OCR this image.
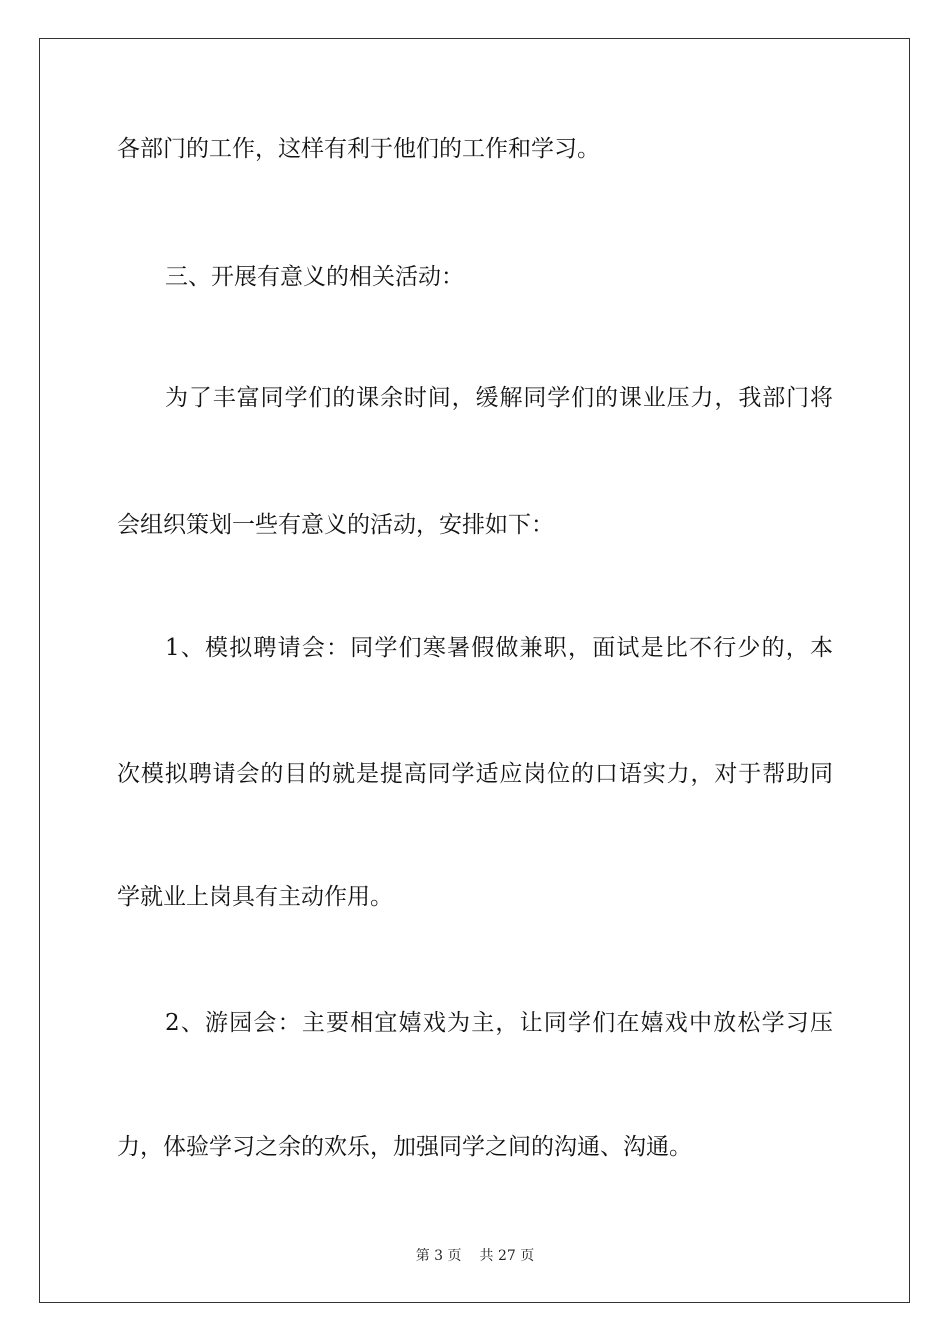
各部门的工作，这样有利于他们的工作和学习。
三、开展有意义的相关活动：
为了丰富同学们的课余时间，缓解同学们的课业压力，我部门将
会组织策划一些有意义的活动，安排如下：
1、模拟聘请会：同学们寒暑假做兼职，面试是比不行少的，本
次模拟聘请会的目的就是提高同学适应岗位的口语实力，对于帮助同
学就业上岗具有主动作用。
2、游园会：主要相宜嬉戏为主，让同学们在嬉戏中放松学习压
力，体验学习之余的欢乐，加强同学之间的沟通、沟通。
第 3 页 共 27 页
